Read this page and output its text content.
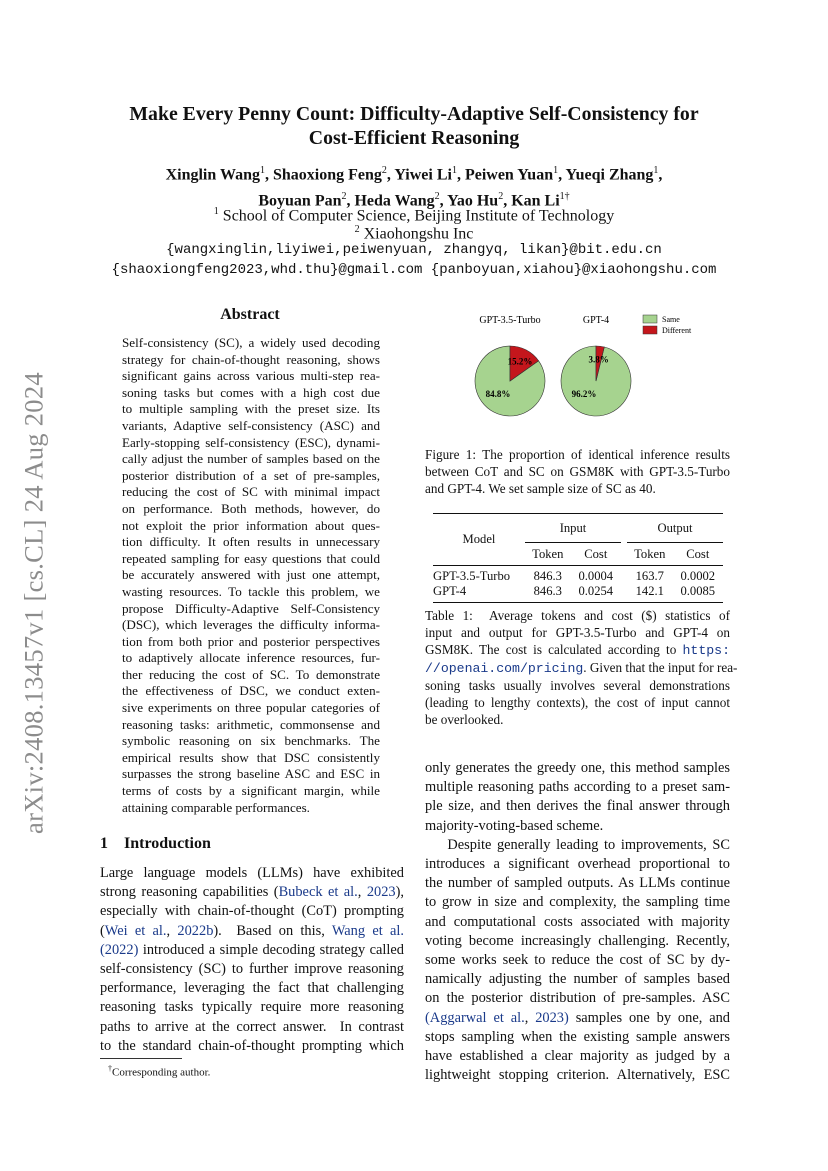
arXiv:2408.13457v1 [cs.CL] 24 Aug 2024
Make Every Penny Count: Difficulty-Adaptive Self-Consistency for
Cost-Efficient Reasoning
Xinglin Wang$^1$, Shaoxiong Feng$^2$, Yiwei Li$^1$, Peiwen Yuan$^1$, Yueqi Zhang$^1$,
Boyuan Pan$^2$, Heda Wang$^2$, Yao Hu$^2$, Kan $Li^{1\dagger}$
$^1$ School of Computer Science, Beijing Institute of Technology
$^2$ Xiaohongshu Inc
{wangxinglin,liyiwei,peiwenyuan, zhangyq, likan}@bit.edu.cn
{shaoxiongfeng2023,whd.thu}@gmail.com {panboyuan,xiahou}@xiaohongshu.com
Abstract
Self-consistency (SC), a widely used decoding
strategy for chain-of-thought reasoning, shows
significant gains across various multi-step rea-
soning tasks but comes with a high cost due
to multiple sampling with the preset size. Its
variants, Adaptive self-consistency (ASC) and
Early-stopping self-consistency (ESC), dynami-
cally adjust the number of samples based on the
posterior distribution of a set of pre-samples,
reducing the cost of SC with minimal impact
on performance. Both methods, however, do
not exploit the prior information about ques-
tion difficulty. It often results in unnecessary
repeated sampling for easy questions that could
be accurately answered with just one attempt,
wasting resources. To tackle this problem, we
propose Difficulty-Adaptive Self-Consistency
(DSC), which leverages the difficulty informa-
tion from both prior and posterior perspectives
to adaptively allocate inference resources, fur-
ther reducing the cost of SC. To demonstrate
the effectiveness of DSC, we conduct exten-
sive experiments on three popular categories of
reasoning tasks: arithmetic, commonsense and
symbolic reasoning on six benchmarks. The
empirical results show that DSC consistently
surpasses the strong baseline ASC and ESC in
terms of costs by a significant margin, while
attaining comparable performances.
1 Introduction
Large language models (LLMs) have exhibited
strong reasoning capabilities (Bubeck et al., 2023),
especially with chain-of-thought (CoT) prompting
(Wei et al., 2022b).  Based on this, Wang et al.
(2022) introduced a simple decoding strategy called
self-consistency (SC) to further improve reasoning
performance, leveraging the fact that challenging
reasoning tasks typically require more reasoning
paths to arrive at the correct answer.  In contrast
to the standard chain-of-thought prompting which
only generates the greedy one, this method samples
multiple reasoning paths according to a preset sam-
ple size, and then derives the final answer through
majority-voting-based scheme.
Despite generally leading to improvements, SC
introduces a significant overhead proportional to
the number of sampled outputs. As LLMs continue
to grow in size and complexity, the sampling time
and computational costs associated with majority
voting become increasingly challenging. Recently,
some works seek to reduce the cost of SC by dy-
namically adjusting the number of samples based
on the posterior distribution of pre-samples. ASC
(Aggarwal et al., 2023) samples one by one, and
stops sampling when the existing sample answers
have established a clear majority as judged by a
lightweight stopping criterion. Alternatively, ESC
†Corresponding author.
GPT-3.5-Turbo
84.8%
15.2%
GPT-4
96.2%
3.8%
Same
Different
Figure 1: The proportion of identical inference results
between CoT and SC on GSM8K with GPT-3.5-Turbo
and GPT-4. We set sample size of SC as 40.
Model	Input			Output	
	Token	Cost		Token	Cost
GPT-3.5-Turbo	846.3	0.0004		163.7	0.0002
GPT-4	846.3	0.0254		142.1	0.0085
Table 1:  Average tokens and cost ($) statistics of
input and output for GPT-3.5-Turbo and GPT-4 on
GSM8K. The cost is calculated according to https:
//openai.com/pricing. Given that the input for rea-
soning tasks usually involves several demonstrations
(leading to lengthy contexts), the cost of input cannot
be overlooked.
